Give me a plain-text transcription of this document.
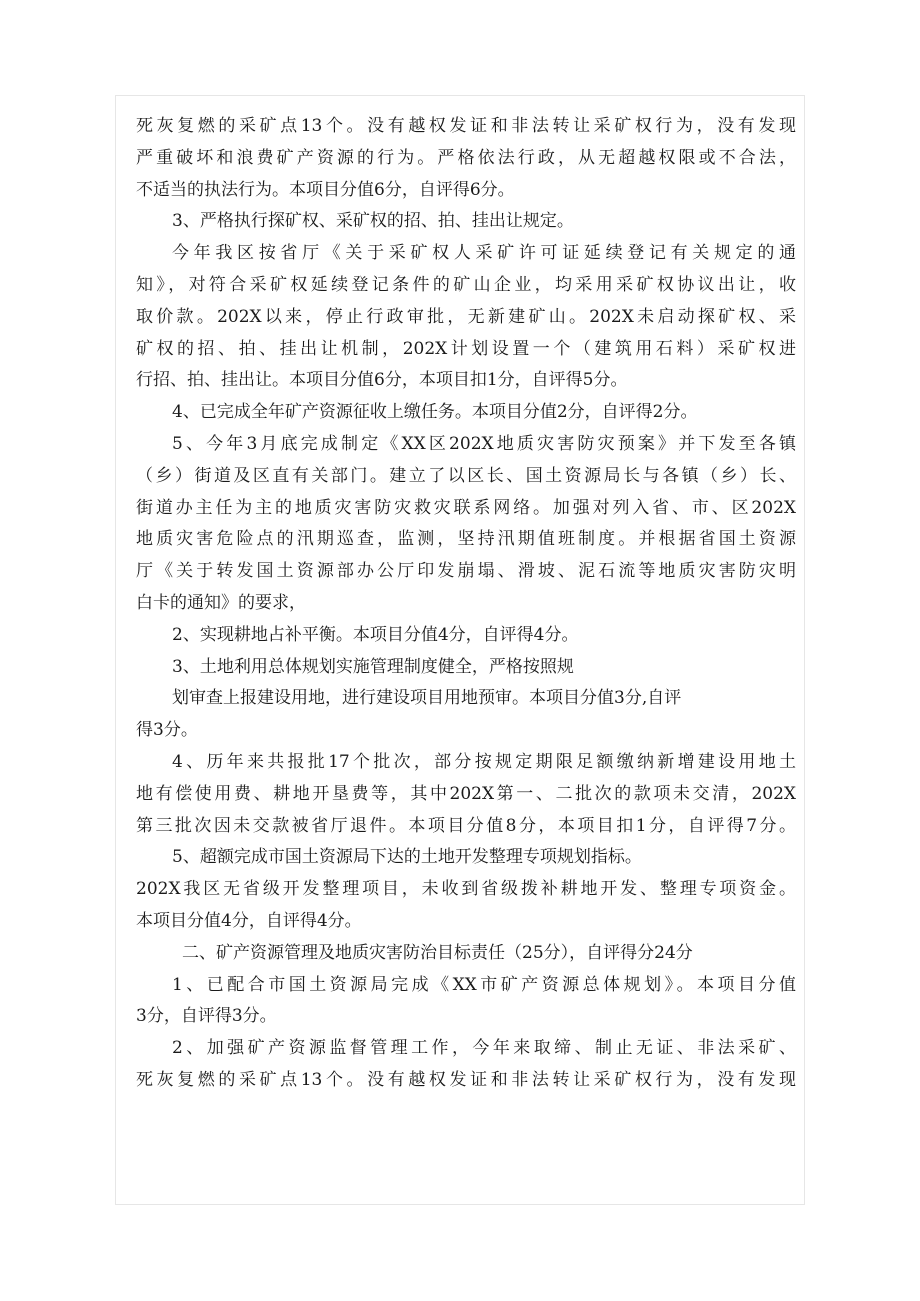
死灰复燃的采矿点13个。没有越权发证和非法转让采矿权行为，没有发现
严重破坏和浪费矿产资源的行为。严格依法行政，从无超越权限或不合法，
不适当的执法行为。本项目分值6分，自评得6分。
3、严格执行探矿权、采矿权的招、拍、挂出让规定。
今年我区按省厅《关于采矿权人采矿许可证延续登记有关规定的通
知》，对符合采矿权延续登记条件的矿山企业，均采用采矿权协议出让，收
取价款。202X以来，停止行政审批，无新建矿山。202X未启动探矿权、采
矿权的招、拍、挂出让机制，202X计划设置一个（建筑用石料）采矿权进
行招、拍、挂出让。本项目分值6分，本项目扣1分，自评得5分。
4、已完成全年矿产资源征收上缴任务。本项目分值2分，自评得2分。
5、今年3月底完成制定《XX区202X地质灾害防灾预案》并下发至各镇
（乡）街道及区直有关部门。建立了以区长、国土资源局长与各镇（乡）长、
街道办主任为主的地质灾害防灾救灾联系网络。加强对列入省、市、区202X
地质灾害危险点的汛期巡查，监测，坚持汛期值班制度。并根据省国土资源
厅《关于转发国土资源部办公厅印发崩塌、滑坡、泥石流等地质灾害防灾明
白卡的通知》的要求，
2、实现耕地占补平衡。本项目分值4分，自评得4分。
3、土地利用总体规划实施管理制度健全，严格按照规
划审查上报建设用地，进行建设项目用地预审。本项目分值3分,自评
得3分。
4、历年来共报批17个批次，部分按规定期限足额缴纳新增建设用地土
地有偿使用费、耕地开垦费等，其中202X第一、二批次的款项未交清，202X
第三批次因未交款被省厅退件。本项目分值8分，本项目扣1分，自评得7分。
5、超额完成市国土资源局下达的土地开发整理专项规划指标。
202X我区无省级开发整理项目，未收到省级拨补耕地开发、整理专项资金。
本项目分值4分，自评得4分。
二、矿产资源管理及地质灾害防治目标责任（25分），自评得分24分
1、已配合市国土资源局完成《XX市矿产资源总体规划》。本项目分值
3分，自评得3分。
2、加强矿产资源监督管理工作，今年来取缔、制止无证、非法采矿、
死灰复燃的采矿点13个。没有越权发证和非法转让采矿权行为，没有发现
